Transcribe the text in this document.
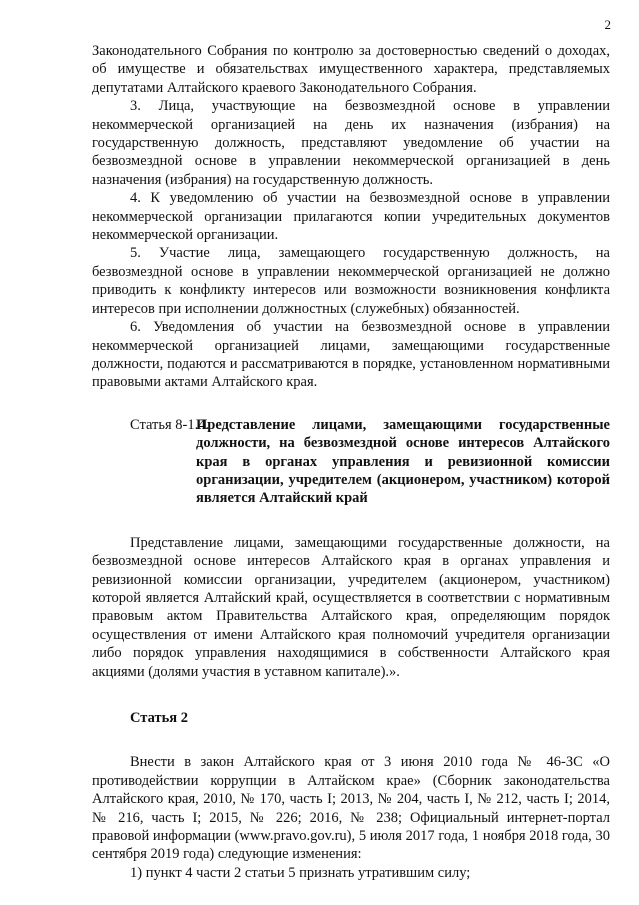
2

Законодательного Собрания по контролю за достоверностью сведений о доходах, об имуществе и обязательствах имущественного характера, представляемых депутатами Алтайского краевого Законодательного Собрания.

3. Лица, участвующие на безвозмездной основе в управлении некоммерческой организацией на день их назначения (избрания) на государственную должность, представляют уведомление об участии на безвозмездной основе в управлении некоммерческой организацией в день назначения (избрания) на государственную должность.

4. К уведомлению об участии на безвозмездной основе в управлении некоммерческой организации прилагаются копии учредительных документов некоммерческой организации.

5. Участие лица, замещающего государственную должность, на безвозмездной основе в управлении некоммерческой организацией не должно приводить к конфликту интересов или возможности возникновения конфликта интересов при исполнении должностных (служебных) обязанностей.

6. Уведомления об участии на безвозмездной основе в управлении некоммерческой организацией лицами, замещающими государственные должности, подаются и рассматриваются в порядке, установленном нормативными правовыми актами Алтайского края.

Статья 8-1.4.
Представление лицами, замещающими государственные должности, на безвозмездной основе интересов Алтайского края в органах управления и ревизионной комиссии организации, учредителем (акционером, участником) которой является Алтайский край

Представление лицами, замещающими государственные должности, на безвозмездной основе интересов Алтайского края в органах управления и ревизионной комиссии организации, учредителем (акционером, участником) которой является Алтайский край, осуществляется в соответствии с нормативным правовым актом Правительства Алтайского края, определяющим порядок осуществления от имени Алтайского края полномочий учредителя организации либо порядок управления находящимися в собственности Алтайского края акциями (долями участия в уставном капитале).».

Статья 2

Внести в закон Алтайского края от 3 июня 2010 года № 46-ЗС «О противодействии коррупции в Алтайском крае» (Сборник законодательства Алтайского края, 2010, № 170, часть I; 2013, № 204, часть I, № 212, часть I; 2014, № 216, часть I; 2015, № 226; 2016, № 238; Официальный интернет-портал правовой информации (www.pravo.gov.ru), 5 июля 2017 года, 1 ноября 2018 года, 30 сентября 2019 года) следующие изменения:

1) пункт 4 части 2 статьи 5 признать утратившим силу;
